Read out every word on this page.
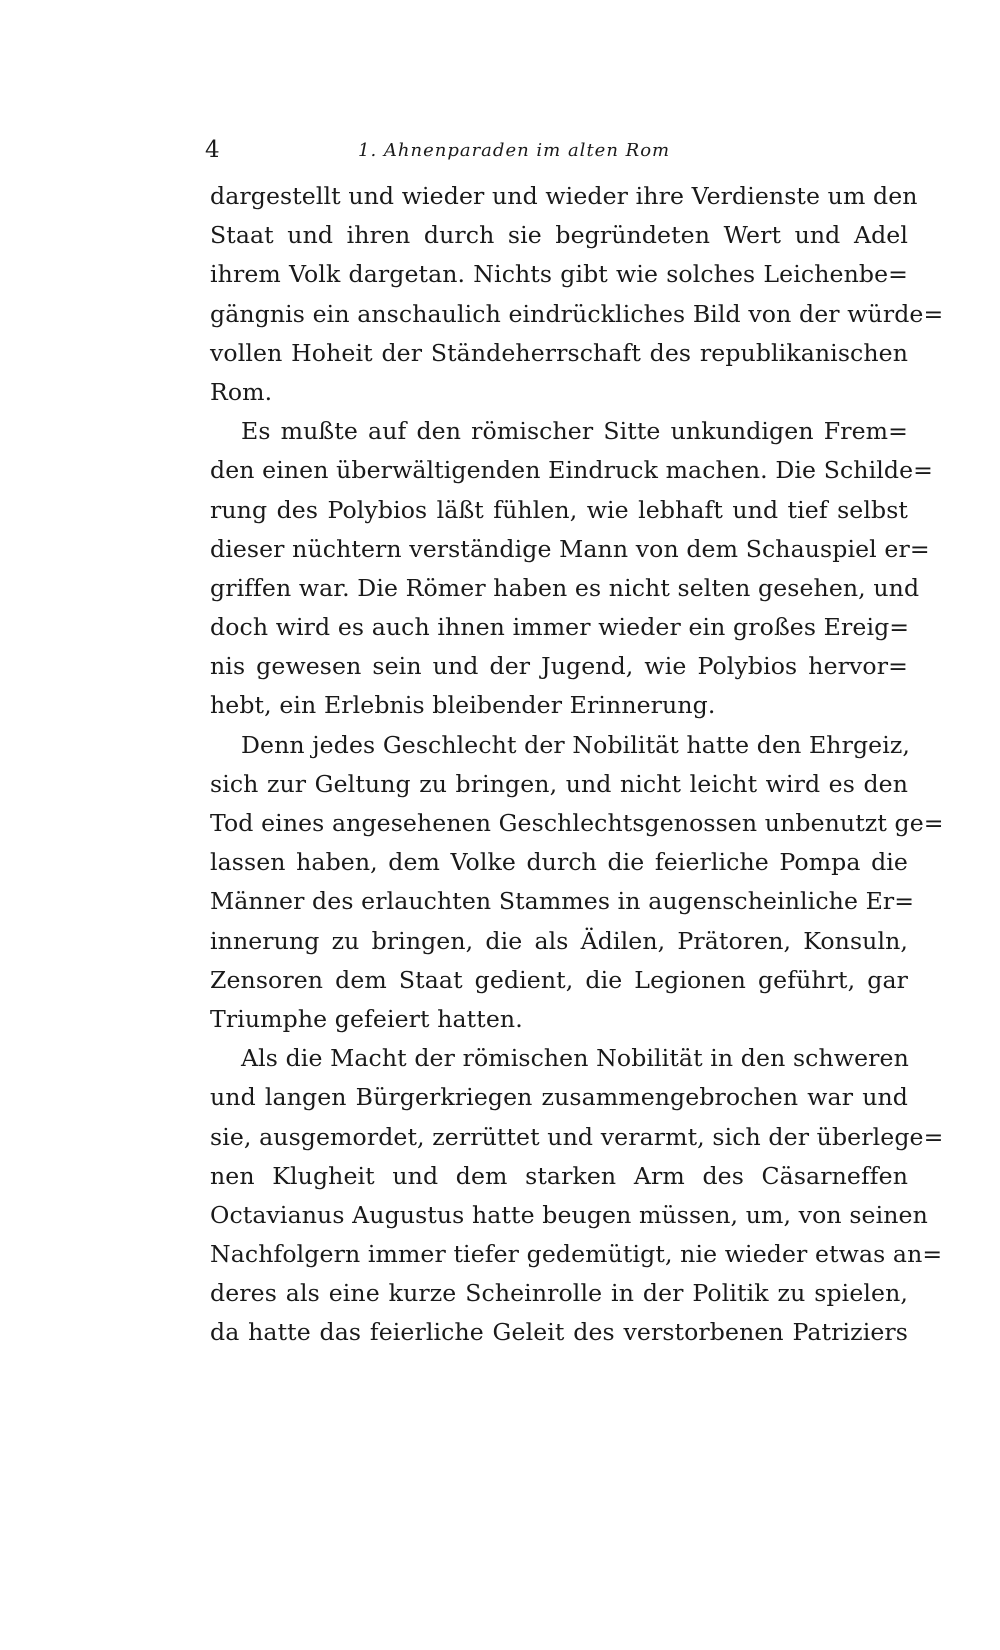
4	1. Ahnenparaden im alten Rom
dargestellt und wieder und wieder ihre Verdienste um den
Staat und ihren durch sie begründeten Wert und Adel
ihrem Volk dargetan. Nichts gibt wie solches Leichenbe=
gängnis ein anschaulich eindrückliches Bild von der würde=
vollen Hoheit der Ständeherrschaft des republikanischen
Rom.
Es mußte auf den römischer Sitte unkundigen Frem=
den einen überwältigenden Eindruck machen. Die Schilde=
rung des Polybios läßt fühlen, wie lebhaft und tief selbst
dieser nüchtern verständige Mann von dem Schauspiel er=
griffen war. Die Römer haben es nicht selten gesehen, und
doch wird es auch ihnen immer wieder ein großes Ereig=
nis gewesen sein und der Jugend, wie Polybios hervor=
hebt, ein Erlebnis bleibender Erinnerung.
Denn jedes Geschlecht der Nobilität hatte den Ehrgeiz,
sich zur Geltung zu bringen, und nicht leicht wird es den
Tod eines angesehenen Geschlechtsgenossen unbenutzt ge=
lassen haben, dem Volke durch die feierliche Pompa die
Männer des erlauchten Stammes in augenscheinliche Er=
innerung zu bringen, die als Ädilen, Prätoren, Konsuln,
Zensoren dem Staat gedient, die Legionen geführt, gar
Triumphe gefeiert hatten.
Als die Macht der römischen Nobilität in den schweren
und langen Bürgerkriegen zusammengebrochen war und
sie, ausgemordet, zerrüttet und verarmt, sich der überlege=
nen Klugheit und dem starken Arm des Cäsarneffen
Octavianus Augustus hatte beugen müssen, um, von seinen
Nachfolgern immer tiefer gedemütigt, nie wieder etwas an=
deres als eine kurze Scheinrolle in der Politik zu spielen,
da hatte das feierliche Geleit des verstorbenen Patriziers
